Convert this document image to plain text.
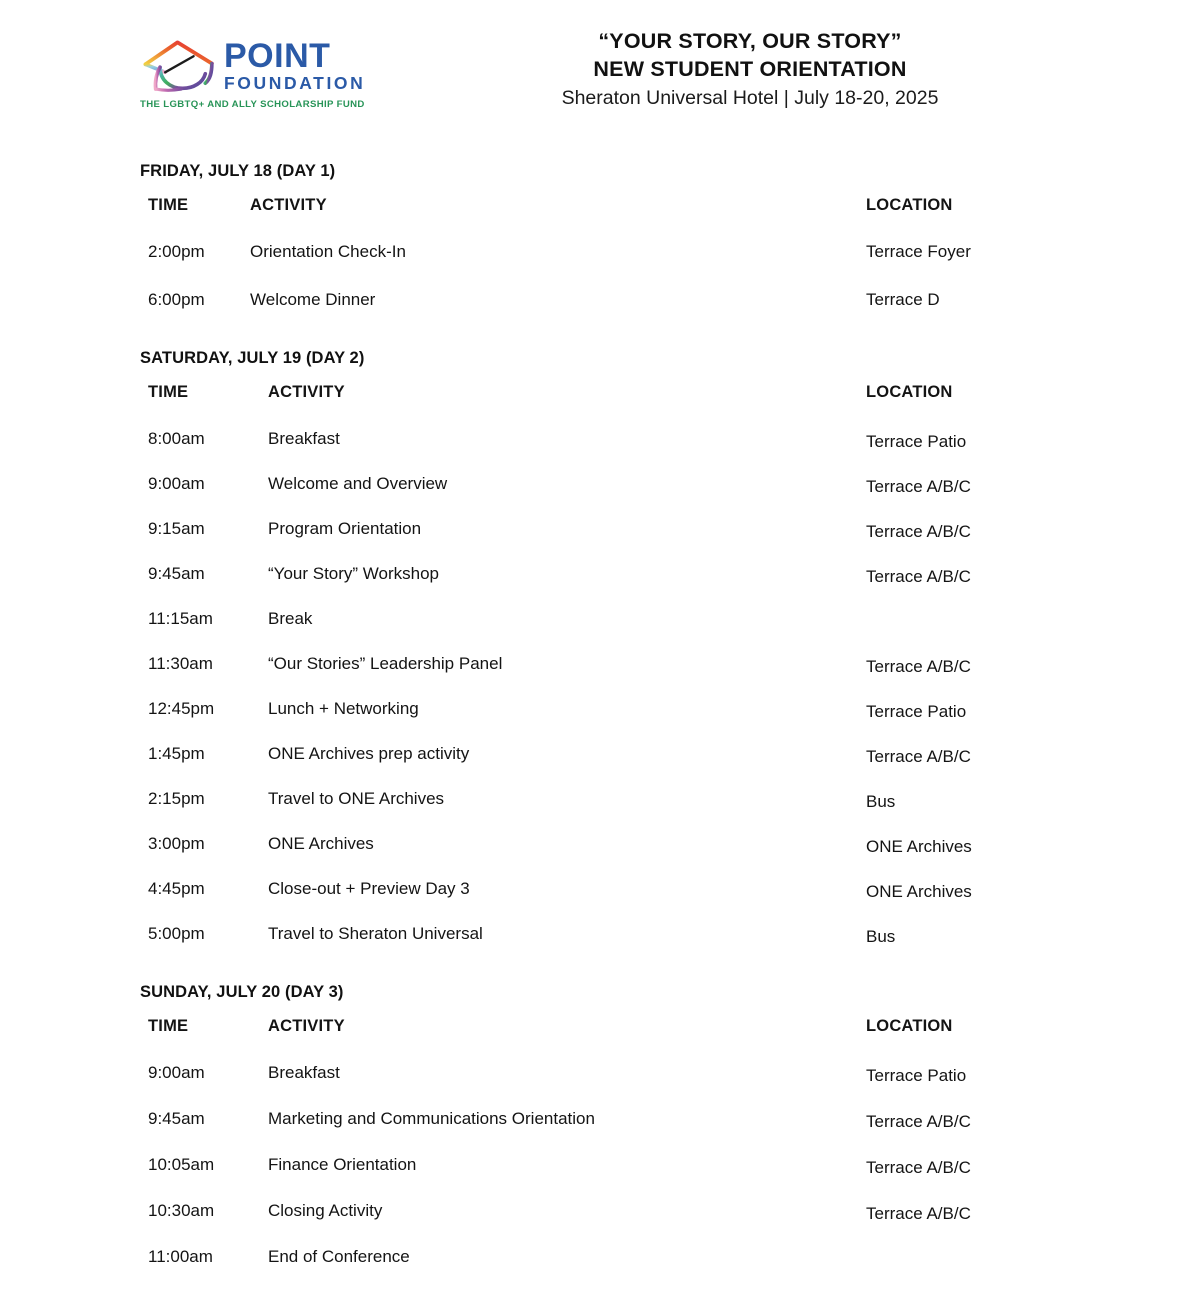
POINT
FOUNDATION
THE LGBTQ+ AND ALLY SCHOLARSHIP FUND
“YOUR STORY, OUR STORY”
NEW STUDENT ORIENTATION
Sheraton Universal Hotel | July 18-20, 2025
FRIDAY, JULY 18 (DAY 1)
TIME	ACTIVITY	LOCATION
2:00pm	Orientation Check-In	Terrace Foyer
6:00pm	Welcome Dinner	Terrace D
SATURDAY, JULY 19 (DAY 2)
TIME	ACTIVITY	LOCATION
8:00am	Breakfast	Terrace Patio
9:00am	Welcome and Overview	Terrace A/B/C
9:15am	Program Orientation	Terrace A/B/C
9:45am	“Your Story” Workshop	Terrace A/B/C
11:15am	Break
11:30am	“Our Stories” Leadership Panel	Terrace A/B/C
12:45pm	Lunch + Networking	Terrace Patio
1:45pm	ONE Archives prep activity	Terrace A/B/C
2:15pm	Travel to ONE Archives	Bus
3:00pm	ONE Archives	ONE Archives
4:45pm	Close-out + Preview Day 3	ONE Archives
5:00pm	Travel to Sheraton Universal	Bus
SUNDAY, JULY 20 (DAY 3)
TIME	ACTIVITY	LOCATION
9:00am	Breakfast	Terrace Patio
9:45am	Marketing and Communications Orientation	Terrace A/B/C
10:05am	Finance Orientation	Terrace A/B/C
10:30am	Closing Activity	Terrace A/B/C
11:00am	End of Conference
